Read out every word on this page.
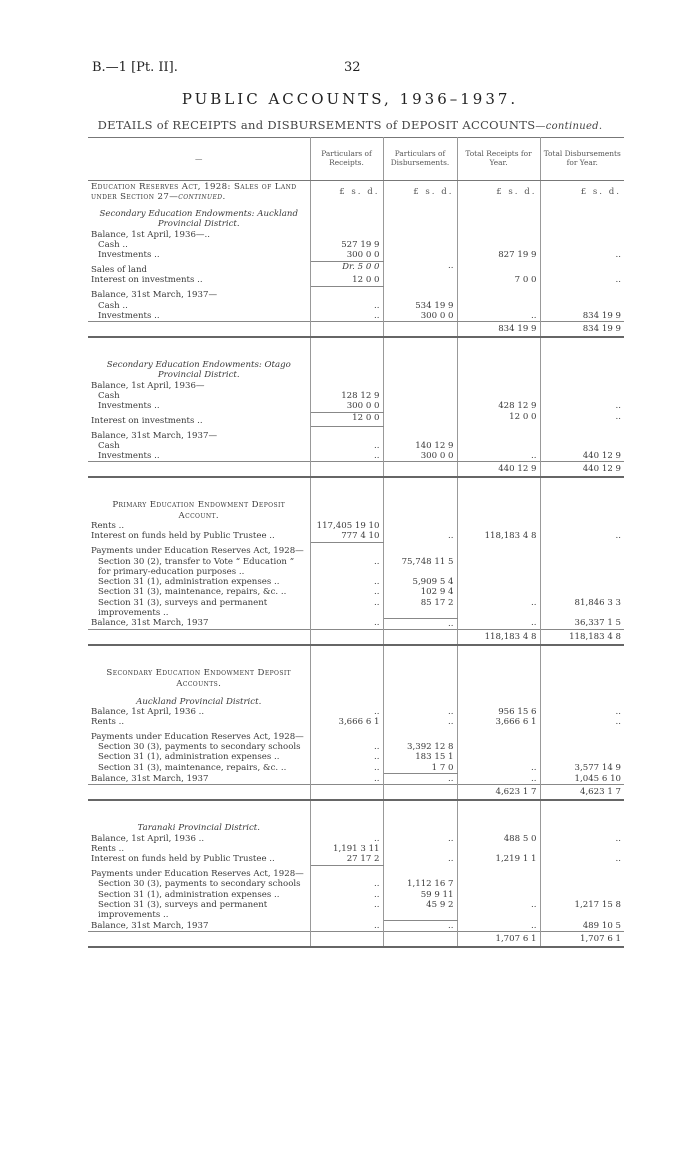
B.—1 [Pt. II].	32
PUBLIC ACCOUNTS, 1936–1937.
DETAILS of RECEIPTS and DISBURSEMENTS of DEPOSIT ACCOUNTS—continued.
—	Particulars of Receipts.	Particulars of Disbursements.	Total Receipts for Year.	Total Disbursements for Year.
Education Reserves Act, 1928: Sales of Land under Section 27—continued.	£ s. d.	£ s. d.	£ s. d.	£ s. d.
Secondary Education Endowments: Auckland Provincial District.				
Balance, 1st April, 1936—..				
Cash ..	527 19 9			
Investments ..	300 0 0		827 19 9	..
Sales of land	Dr. 5 0 0	..		
Interest on investments ..	12 0 0		7 0 0	..
Balance, 31st March, 1937—				
Cash ..	..	534 19 9		
Investments ..	..	300 0 0	..	834 19 9
			834 19 9	834 19 9

Secondary Education Endowments: Otago Provincial District.				
Balance, 1st April, 1936—				
Cash	128 12 9			
Investments ..	300 0 0		428 12 9	..
Interest on investments ..	12 0 0		12 0 0	..
Balance, 31st March, 1937—				
Cash	..	140 12 9		
Investments ..	..	300 0 0	..	440 12 9
			440 12 9	440 12 9

Primary Education Endowment Deposit Account.				
Rents ..	117,405 19 10			
Interest on funds held by Public Trustee ..	777 4 10	..	118,183 4 8	..
Payments under Education Reserves Act, 1928—				
Section 30 (2), transfer to Vote “ Education ” for primary-education purposes ..	..	75,748 11 5		
Section 31 (1), administration expenses ..	..	5,909 5 4		
Section 31 (3), maintenance, repairs, &c. ..	..	102 9 4		
Section 31 (3), surveys and permanent improvements ..	..	85 17 2	..	81,846 3 3
Balance, 31st March, 1937	..	..	..	36,337 1 5
			118,183 4 8	118,183 4 8

Secondary Education Endowment Deposit Accounts.				
Auckland Provincial District.				
Balance, 1st April, 1936 ..	..	..	956 15 6	..
Rents ..	3,666 6 1	..	3,666 6 1	..
Payments under Education Reserves Act, 1928—				
Section 30 (3), payments to secondary schools	..	3,392 12 8		
Section 31 (1), administration expenses ..	..	183 15 1		
Section 31 (3), maintenance, repairs, &c. ..	..	1 7 0	..	3,577 14 9
Balance, 31st March, 1937	..	..	..	1,045 6 10
			4,623 1 7	4,623 1 7

Taranaki Provincial District.				
Balance, 1st April, 1936 ..	..	..	488 5 0	..
Rents ..	1,191 3 11			
Interest on funds held by Public Trustee ..	27 17 2	..	1,219 1 1	..
Payments under Education Reserves Act, 1928—				
Section 30 (3), payments to secondary schools	..	1,112 16 7		
Section 31 (1), administration expenses ..	..	59 9 11		
Section 31 (3), surveys and permanent improvements ..	..	45 9 2	..	1,217 15 8
Balance, 31st March, 1937	..	..	..	489 10 5
			1,707 6 1	1,707 6 1
